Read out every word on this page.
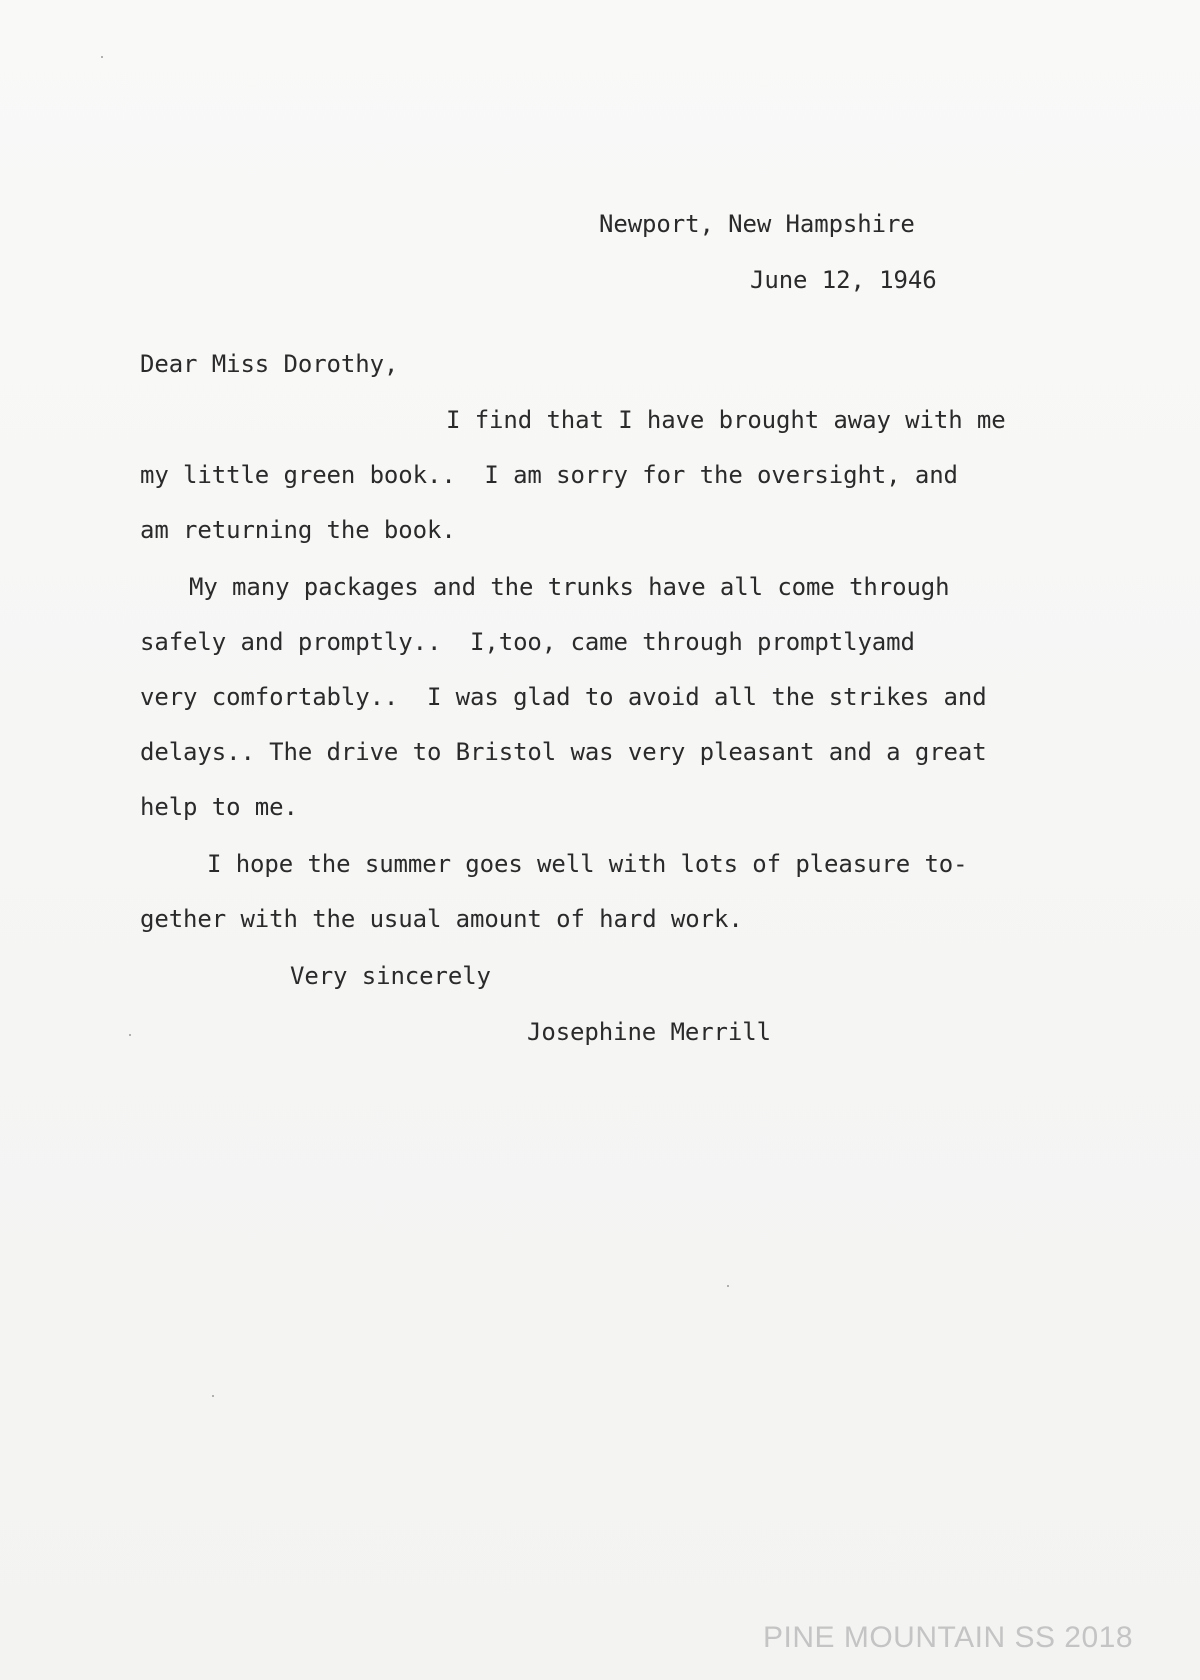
Newport, New Hampshire
June 12, 1946
Dear Miss Dorothy,
I find that I have brought away with me
my little green book..  I am sorry for the oversight, and
am returning the book.
My many packages and the trunks have all come through
safely and promptly..  I,too, came through promptlyamd
very comfortably..  I was glad to avoid all the strikes and
delays.. The drive to Bristol was very pleasant and a great
help to me.
I hope the summer goes well with lots of pleasure to-
gether with the usual amount of hard work.
Very sincerely
Josephine Merrill
PINE MOUNTAIN SS 2018
